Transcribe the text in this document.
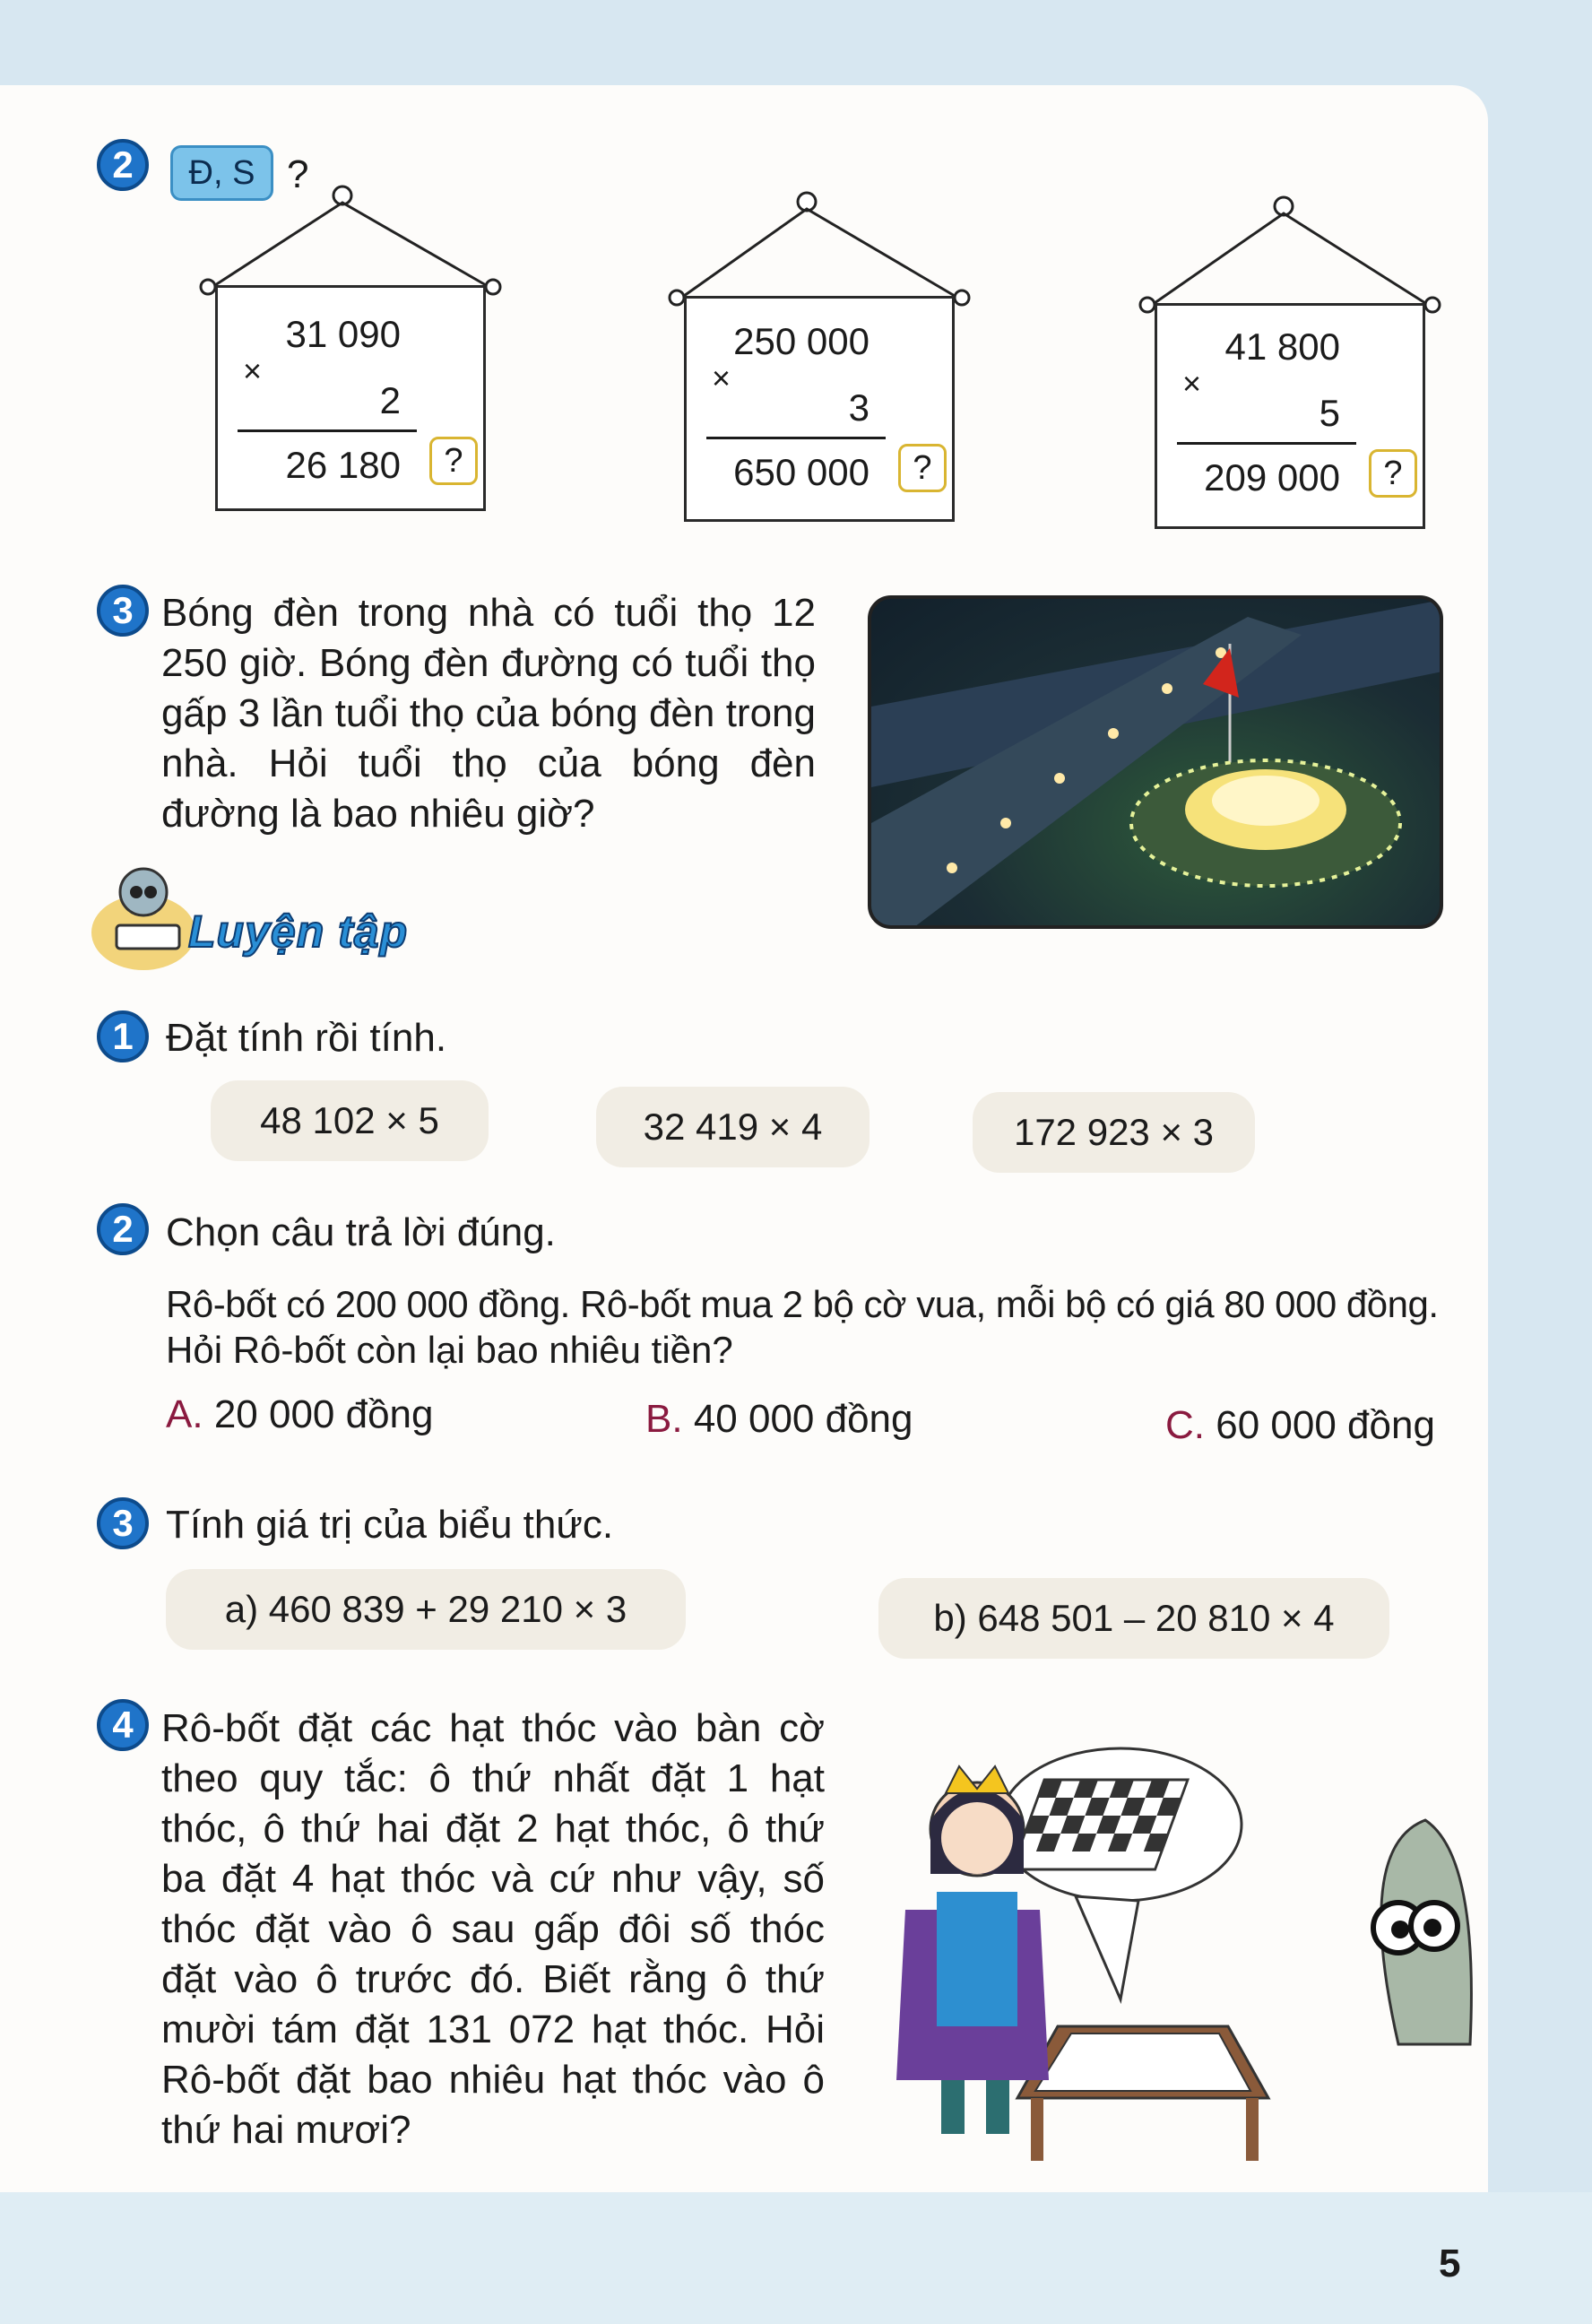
2	Đ, S ?
31 090
×
2
26 180	?
250 000
×
3
650 000	?
41 800
×
5
209 000	?
3 Bóng đèn trong nhà có tuổi thọ 12 250 giờ. Bóng đèn đường có tuổi thọ gấp 3 lần tuổi thọ của bóng đèn trong nhà. Hỏi tuổi thọ của bóng đèn đường là bao nhiêu giờ?
Luyện tập
1 Đặt tính rồi tính.
48 102 × 5	32 419 × 4	172 923 × 3
2 Chọn câu trả lời đúng.
Rô-bốt có 200 000 đồng. Rô-bốt mua 2 bộ cờ vua, mỗi bộ có giá 80 000 đồng.
Hỏi Rô-bốt còn lại bao nhiêu tiền?
A. 20 000 đồng	B. 40 000 đồng	C. 60 000 đồng
3 Tính giá trị của biểu thức.
a) 460 839 + 29 210 × 3	b) 648 501 – 20 810 × 4
4 Rô-bốt đặt các hạt thóc vào bàn cờ theo quy tắc: ô thứ nhất đặt 1 hạt thóc, ô thứ hai đặt 2 hạt thóc, ô thứ ba đặt 4 hạt thóc và cứ như vậy, số thóc đặt vào ô sau gấp đôi số thóc đặt vào ô trước đó. Biết rằng ô thứ mười tám đặt 131 072 hạt thóc. Hỏi Rô-bốt đặt bao nhiêu hạt thóc vào ô thứ hai mươi?
5
